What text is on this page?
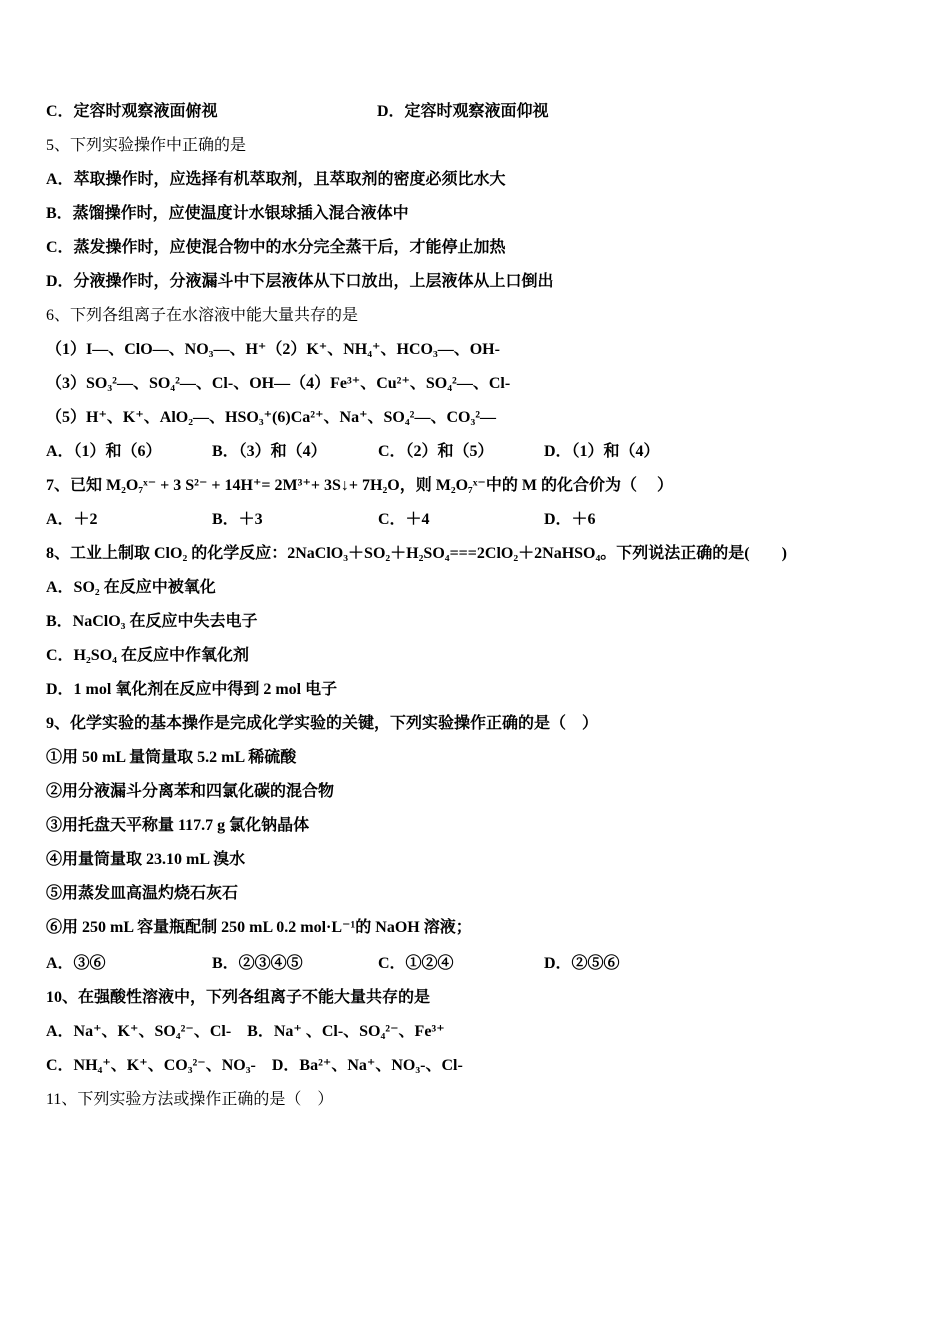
C．定容时观察液面俯视	D．定容时观察液面仰视
5、下列实验操作中正确的是
A．萃取操作时，应选择有机萃取剂，且萃取剂的密度必须比水大
B．蒸馏操作时，应使温度计水银球插入混合液体中
C．蒸发操作时，应使混合物中的水分完全蒸干后，才能停止加热
D．分液操作时，分液漏斗中下层液体从下口放出，上层液体从上口倒出
6、下列各组离子在水溶液中能大量共存的是
（1）I—、ClO—、NO₃—、H⁺（2）K⁺、NH₄⁺、HCO₃—、OH-
（3）SO₃²—、SO₄²—、Cl-、OH—（4）Fe³⁺、Cu²⁺、SO₄²—、Cl-
（5）H⁺、K⁺、AlO₂—、HSO₃⁺(6)Ca²⁺、Na⁺、SO₄²—、CO₃²—
A．（1）和（6）	B．（3）和（4）	C．（2）和（5）	D．（1）和（4）
7、已知 M₂O₇ˣ⁻ + 3 S²⁻ + 14H⁺= 2M³⁺+ 3S↓+ 7H₂O，则 M₂O₇ˣ⁻中的 M 的化合价为（　 ）
A．＋2	B．＋3	C．＋4	D．＋6
8、工业上制取 ClO₂ 的化学反应：2NaClO₃＋SO₂＋H₂SO₄===2ClO₂＋2NaHSO₄。下列说法正确的是(　　)
A．SO₂ 在反应中被氧化
B．NaClO₃ 在反应中失去电子
C．H₂SO₄ 在反应中作氧化剂
D．1 mol 氧化剂在反应中得到 2 mol 电子
9、化学实验的基本操作是完成化学实验的关键，下列实验操作正确的是（　）
①用 50 mL 量筒量取 5.2 mL 稀硫酸
②用分液漏斗分离苯和四氯化碳的混合物
③用托盘天平称量 117.7 g 氯化钠晶体
④用量筒量取 23.10 mL 溴水
⑤用蒸发皿高温灼烧石灰石
⑥用 250 mL 容量瓶配制 250 mL 0.2 mol·L⁻¹的 NaOH 溶液；
A．③⑥	B．②③④⑤	C．①②④	D．②⑤⑥
10、在强酸性溶液中，下列各组离子不能大量共存的是
A．Na⁺、K⁺、SO₄²⁻、Cl-　B．Na⁺ 、Cl-、SO₄²⁻、Fe³⁺
C．NH₄⁺、K⁺、CO₃²⁻、NO₃-　D．Ba²⁺、Na⁺、NO₃-、Cl-
11、下列实验方法或操作正确的是（　）
